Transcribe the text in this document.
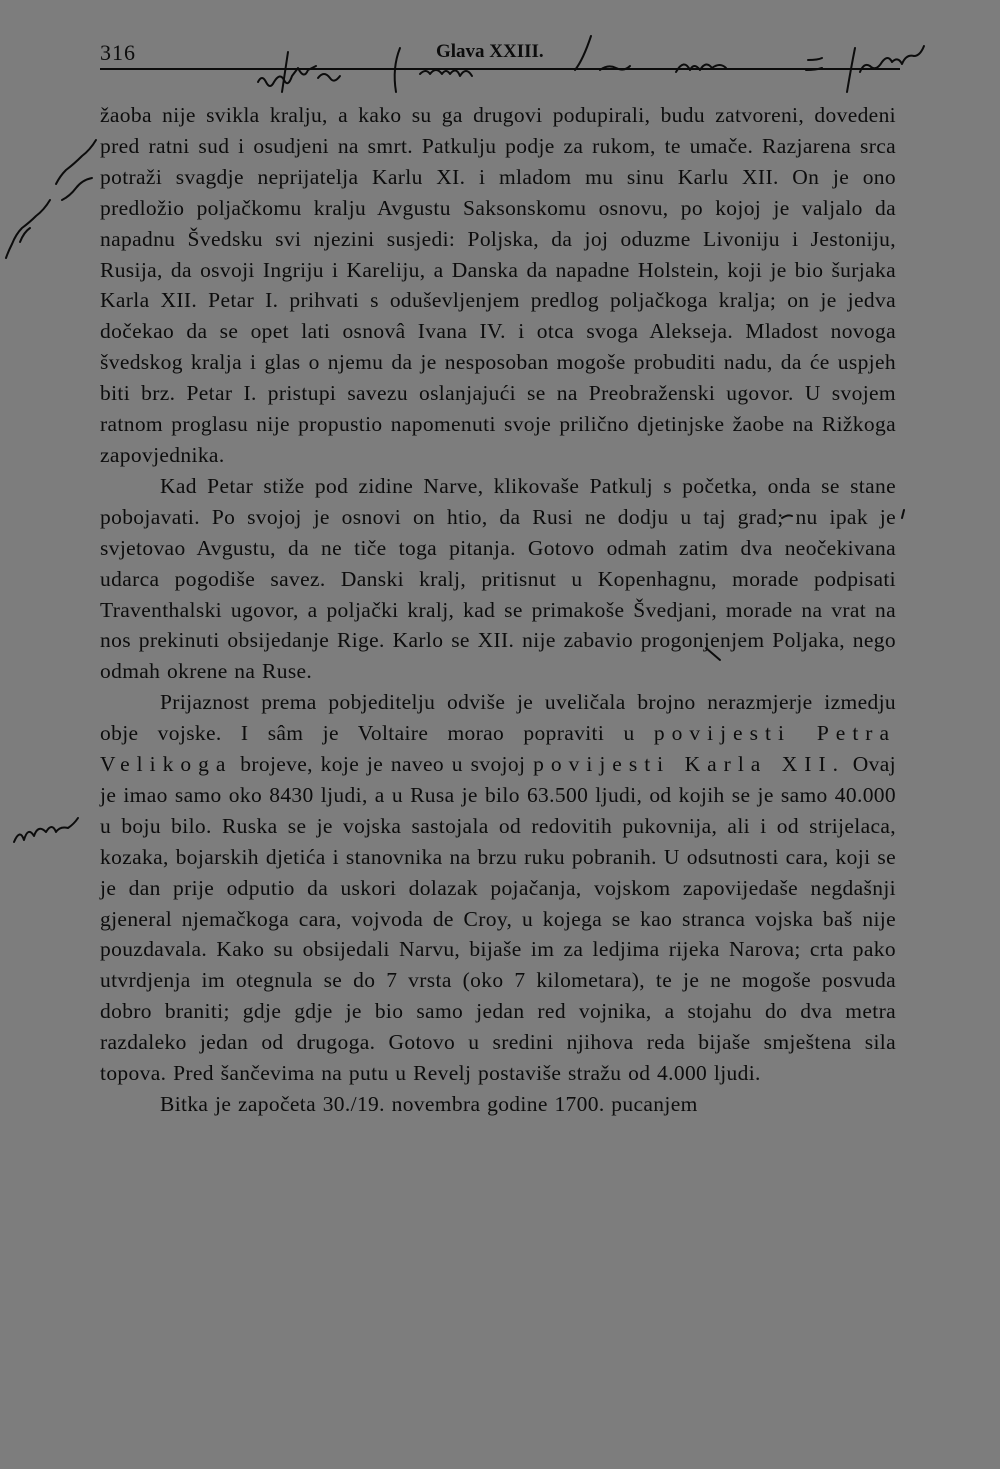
316	Glava XXIII.

žaoba nije svikla kralju, a kako su ga drugovi podupirali, budu zatvoreni, dovedeni pred ratni sud i osudjeni na smrt. Patkulju podje za rukom, te umače. Razjarena srca potraži svagdje neprijatelja Karlu XI. i mladom mu sinu Karlu XII. On je ono predložio poljačkomu kralju Avgustu Saksonskomu osnovu, po kojoj je valjalo da napadnu Švedsku svi njezini susjedi: Poljska, da joj oduzme Livoniju i Jestoniju, Rusija, da osvoji Ingriju i Kareliju, a Danska da napadne Holstein, koji je bio šurjaka Karla XII. Petar I. prihvati s oduševljenjem predlog poljačkoga kralja; on je jedva dočekao da se opet lati osnovâ Ivana IV. i otca svoga Alekseja. Mladost novoga švedskog kralja i glas o njemu da je nesposoban mogoše probuditi nadu, da će uspjeh biti brz. Petar I. pristupi savezu oslanjajući se na Preobraženski ugovor. U svojem ratnom proglasu nije propustio napomenuti svoje prilično djetinjske žaobe na Rižkoga zapovjednika.

Kad Petar stiže pod zidine Narve, klikovaše Patkulj s početka, onda se stane pobojavati. Po svojoj je osnovi on htio, da Rusi ne dodju u taj grad; nu ipak je svjetovao Avgustu, da ne tiče toga pitanja. Gotovo odmah zatim dva neočekivana udarca pogodiše savez. Danski kralj, pritisnut u Kopenhagnu, morade podpisati Traventhalski ugovor, a poljački kralj, kad se primakoše Švedjani, morade na vrat na nos prekinuti obsijedanje Rige. Karlo se XII. nije zabavio progonjenjem Poljaka, nego odmah okrene na Ruse.

Prijaznost prema pobjeditelju odviše je uveličala brojno nerazmjerje izmedju obje vojske. I sâm je Voltaire morao popraviti u povijesti Petra Velikoga brojeve, koje je naveo u svojoj povijesti Karla XII. Ovaj je imao samo oko 8430 ljudi, a u Rusa je bilo 63.500 ljudi, od kojih se je samo 40.000 u boju bilo. Ruska se je vojska sastojala od redovitih pukovnija, ali i od strijelaca, kozaka, bojarskih djetića i stanovnika na brzu ruku pobranih. U odsutnosti cara, koji se je dan prije odputio da uskori dolazak pojačanja, vojskom zapovijedaše negdašnji gjeneral njemačkoga cara, vojvoda de Croy, u kojega se kao stranca vojska baš nije pouzdavala. Kako su obsijedali Narvu, bijaše im za ledjima rijeka Narova; crta pako utvrdjenja im otegnula se do 7 vrsta (oko 7 kilometara), te je ne mogoše posvuda dobro braniti; gdje gdje je bio samo jedan red vojnika, a stojahu do dva metra razdaleko jedan od drugoga. Gotovo u sredini njihova reda bijaše smještena sila topova. Pred šančevima na putu u Revelj postaviše stražu od 4.000 ljudi.

Bitka je započeta 30./19. novembra godine 1700. pucanjem
